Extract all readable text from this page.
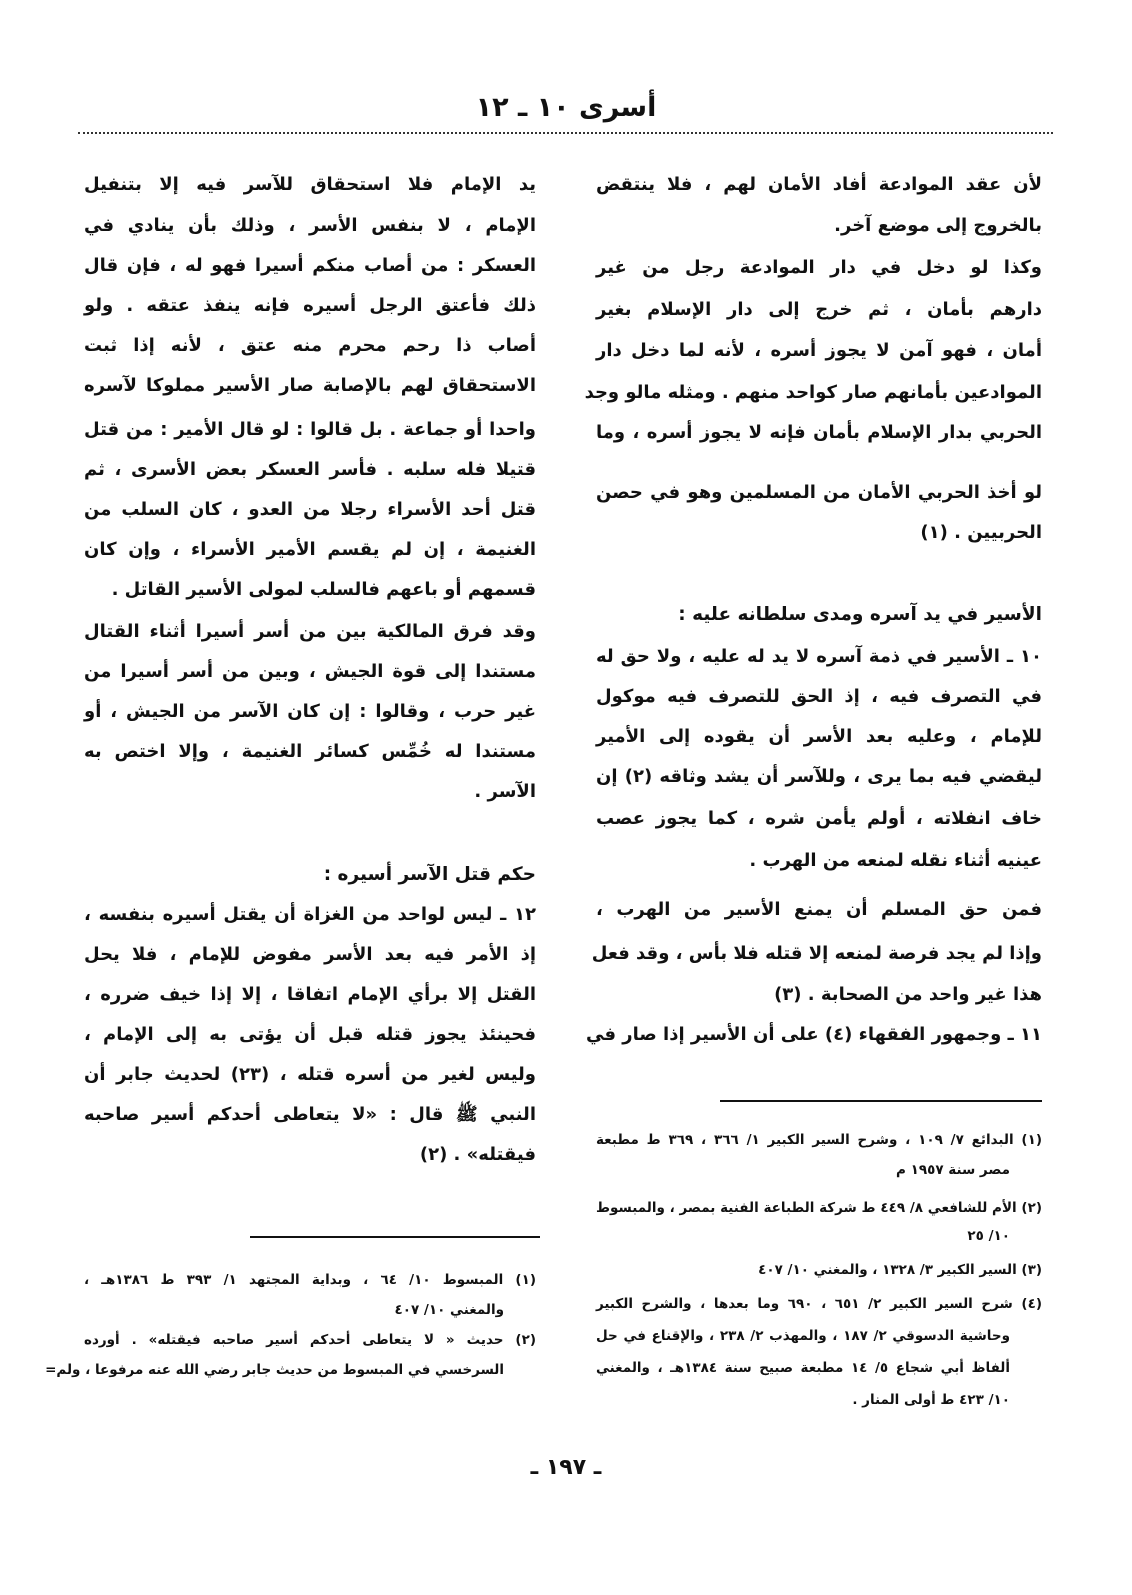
أسرى ١٠ ـ ١٢
لأن عقد الموادعة أفاد الأمان لهم ، فلا ينتقض
بالخروج إلى موضع آخر.
وكذا لو دخل في دار الموادعة رجل من غير
دارهم بأمان ، ثم خرج إلى دار الإسلام بغير
أمان ، فهو آمن لا يجوز أسره ، لأنه لما دخل دار
الموادعين بأمانهم صار كواحد منهم . ومثله مالو وجد
الحربي بدار الإسلام بأمان فإنه لا يجوز أسره ، وما
لو أخذ الحربي الأمان من المسلمين وهو في حصن
الحربيين . (١)
الأسير في يد آسره ومدى سلطانه عليه :
١٠ ـ الأسير في ذمة آسره لا يد له عليه ، ولا حق له
في التصرف فيه ، إذ الحق للتصرف فيه موكول
للإمام ، وعليه بعد الأسر أن يقوده إلى الأمير
ليقضي فيه بما يرى ، وللآسر أن يشد وثاقه (٢) إن
خاف انفلاته ، أولم يأمن شره ، كما يجوز عصب
عينيه أثناء نقله لمنعه من الهرب .
فمن حق المسلم أن يمنع الأسير من الهرب ،
وإذا لم يجد فرصة لمنعه إلا قتله فلا بأس ، وقد فعل
هذا غير واحد من الصحابة . (٣)
١١ ـ وجمهور الفقهاء (٤) على أن الأسير إذا صار في
(١) البدائع ٧/ ١٠٩ ، وشرح السير الكبير ١/ ٣٦٦ ، ٣٦٩ ط مطبعة
مصر سنة ١٩٥٧ م
(٢) الأم للشافعي ٨/ ٤٤٩ ط شركة الطباعة الفنية بمصر ، والمبسوط
١٠/ ٢٥
(٣) السير الكبير ٣/ ١٣٢٨ ، والمغني ١٠/ ٤٠٧
(٤) شرح السير الكبير ٢/ ٦٥١ ، ٦٩٠ وما بعدها ، والشرح الكبير
وحاشية الدسوقي ٢/ ١٨٧ ، والمهذب ٢/ ٢٣٨ ، والإقناع في حل
ألفاظ أبي شجاع ٥/ ١٤ مطبعة صبيح سنة ١٣٨٤هـ ، والمغني
١٠/ ٤٢٣ ط أولى المنار .
يد الإمام فلا استحقاق للآسر فيه إلا بتنفيل
الإمام ، لا بنفس الأسر ، وذلك بأن ينادي في
العسكر : من أصاب منكم أسيرا فهو له ، فإن قال
ذلك فأعتق الرجل أسيره فإنه ينفذ عتقه . ولو
أصاب ذا رحم محرم منه عتق ، لأنه إذا ثبت
الاستحقاق لهم بالإصابة صار الأسير مملوكا لآسره
واحدا أو جماعة . بل قالوا : لو قال الأمير : من قتل
قتيلا فله سلبه . فأسر العسكر بعض الأسرى ، ثم
قتل أحد الأسراء رجلا من العدو ، كان السلب من
الغنيمة ، إن لم يقسم الأمير الأسراء ، وإن كان
قسمهم أو باعهم فالسلب لمولى الأسير القاتل .
وقد فرق المالكية بين من أسر أسيرا أثناء القتال
مستندا إلى قوة الجيش ، وبين من أسر أسيرا من
غير حرب ، وقالوا : إن كان الآسر من الجيش ، أو
مستندا له خُمِّس كسائر الغنيمة ، وإلا اختص به
الآسر .
حكم قتل الآسر أسيره :
١٢ ـ ليس لواحد من الغزاة أن يقتل أسيره بنفسه ،
إذ الأمر فيه بعد الأسر مفوض للإمام ، فلا يحل
القتل إلا برأي الإمام اتفاقا ، إلا إذا خيف ضرره ،
فحينئذ يجوز قتله قبل أن يؤتى به إلى الإمام ،
وليس لغير من أسره قتله ، (٢٣) لحديث جابر أن
النبي ﷺ قال : «لا يتعاطى أحدكم أسير صاحبه
فيقتله» . (٢)
(١) المبسوط ١٠/ ٦٤ ، وبداية المجتهد ١/ ٣٩٣ ط ١٣٨٦هـ ،
والمغني ١٠/ ٤٠٧
(٢) حديث « لا يتعاطى أحدكم أسير صاحبه فيقتله» . أورده
السرخسي في المبسوط من حديث جابر رضي الله عنه مرفوعا ، ولم=
ـ ١٩٧ ـ
